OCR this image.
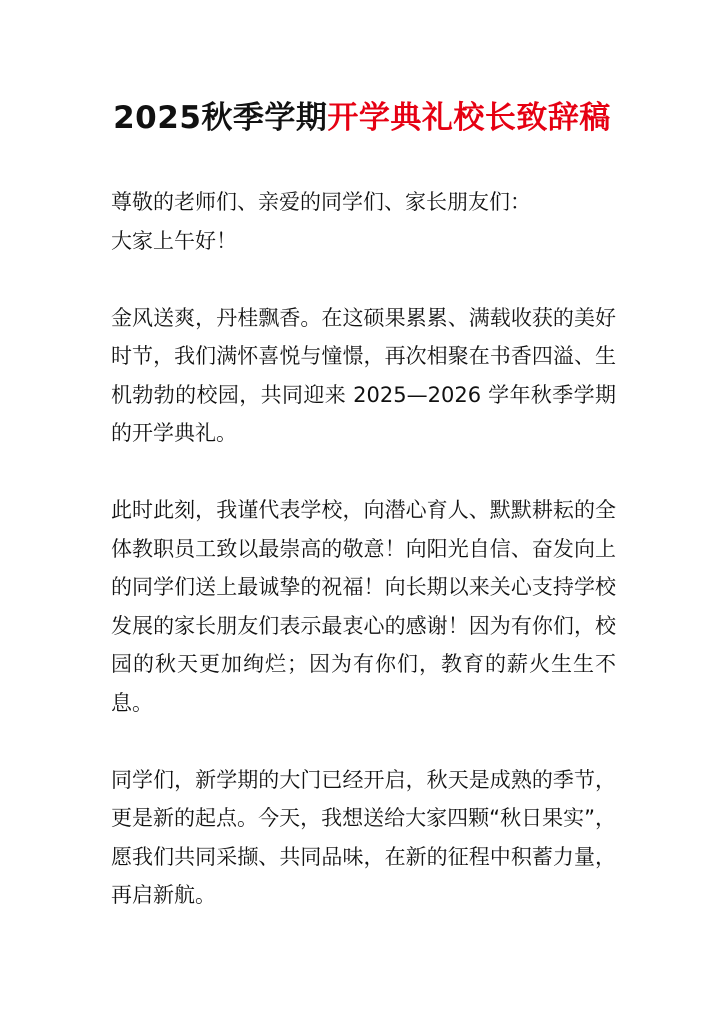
2025秋季学期开学典礼校长致辞稿

尊敬的老师们、亲爱的同学们、家长朋友们：

大家上午好！

金风送爽，丹桂飘香。在这硕果累累、满载收获的美好时节，我们满怀喜悦与憧憬，再次相聚在书香四溢、生机勃勃的校园，共同迎来 2025—2026 学年秋季学期的开学典礼。

此时此刻，我谨代表学校，向潜心育人、默默耕耘的全体教职员工致以最崇高的敬意！向阳光自信、奋发向上的同学们送上最诚挚的祝福！向长期以来关心支持学校发展的家长朋友们表示最衷心的感谢！因为有你们，校园的秋天更加绚烂；因为有你们，教育的薪火生生不息。

同学们，新学期的大门已经开启，秋天是成熟的季节，更是新的起点。今天，我想送给大家四颗“秋日果实”，愿我们共同采撷、共同品味，在新的征程中积蓄力量，再启新航。
